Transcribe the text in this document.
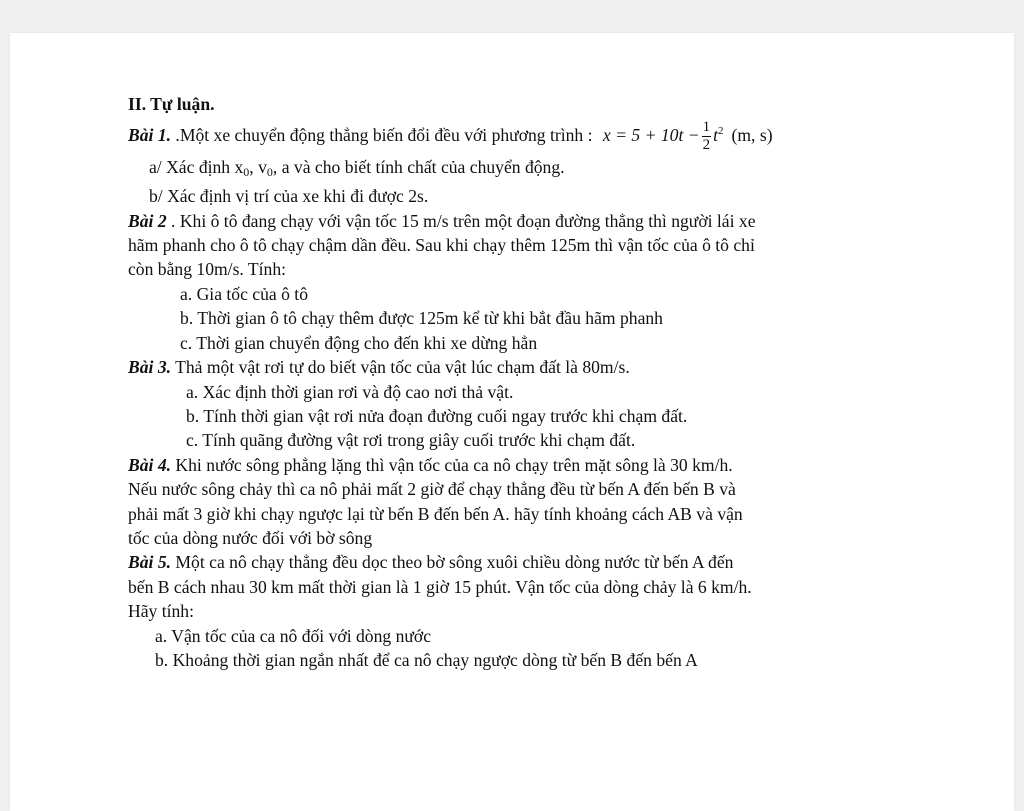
II. Tự luận.
Bài 1. .Một xe chuyển động thẳng biến đổi đều với phương trình : $x = 5 + 10t - \frac{1}{2} t^2$ (m, s)
a/ Xác định $x_0$, $v_0$, a và cho biết tính chất của chuyển động.
b/ Xác định vị trí của xe khi đi được 2s.
Bài 2 . Khi ô tô đang chạy với vận tốc 15 m/s trên một đoạn đường thẳng thì người lái xe
hãm phanh cho ô tô chạy chậm dần đều. Sau khi chạy thêm 125m thì vận tốc của ô tô chỉ
còn bằng 10m/s. Tính:
a. Gia tốc của ô tô
b. Thời gian ô tô chạy thêm được 125m kể từ khi bắt đầu hãm phanh
c. Thời gian chuyển động cho đến khi xe dừng hẳn
Bài 3. Thả một vật rơi tự do biết vận tốc của vật lúc chạm đất là 80m/s.
a. Xác định thời gian rơi và độ cao nơi thả vật.
b. Tính thời gian vật rơi nửa đoạn đường cuối ngay trước khi chạm đất.
c. Tính quãng đường vật rơi trong giây cuối trước khi chạm đất.
Bài 4. Khi nước sông phẳng lặng thì vận tốc của ca nô chạy trên mặt sông là 30 km/h.
Nếu nước sông chảy thì ca nô phải mất 2 giờ để chạy thẳng đều từ bến A đến bến B và
phải mất 3 giờ khi chạy ngược lại từ bến B đến bến A. hãy tính khoảng cách AB và vận
tốc của dòng nước đối với bờ sông
Bài 5. Một ca nô chạy thẳng đều dọc theo bờ sông xuôi chiều dòng nước từ bến A đến
bến B cách nhau 30 km mất thời gian là 1 giờ 15 phút. Vận tốc của dòng chảy là 6 km/h.
Hãy tính:
a. Vận tốc của ca nô đối với dòng nước
b. Khoảng thời gian ngắn nhất để ca nô chạy ngược dòng từ bến B đến bến A
